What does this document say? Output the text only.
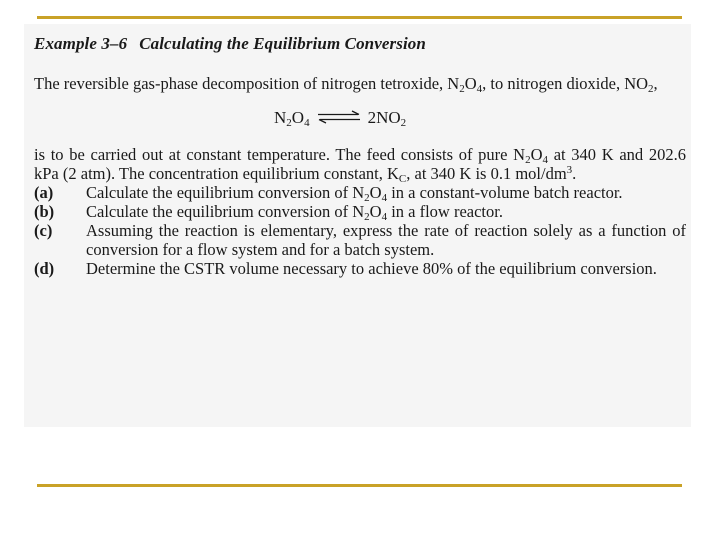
Example 3–6 Calculating the Equilibrium Conversion

The reversible gas-phase decomposition of nitrogen tetroxide, $N_2O_4$, to nitrogen dioxide, $NO_2$,

$N_2O_4$ ⇌ $2NO_2$

is to be carried out at constant temperature. The feed consists of pure $N_2O_4$ at 340 K and 202.6 kPa (2 atm). The concentration equilibrium constant, $K_C$, at 340 K is 0.1 mol/$dm^3$.

(a)	Calculate the equilibrium conversion of $N_2O_4$ in a constant-volume batch reactor.
(b)	Calculate the equilibrium conversion of $N_2O_4$ in a flow reactor.
(c)	Assuming the reaction is elementary, express the rate of reaction solely as a function of conversion for a flow system and for a batch system.
(d)	Determine the CSTR volume necessary to achieve 80% of the equilibrium conversion.
